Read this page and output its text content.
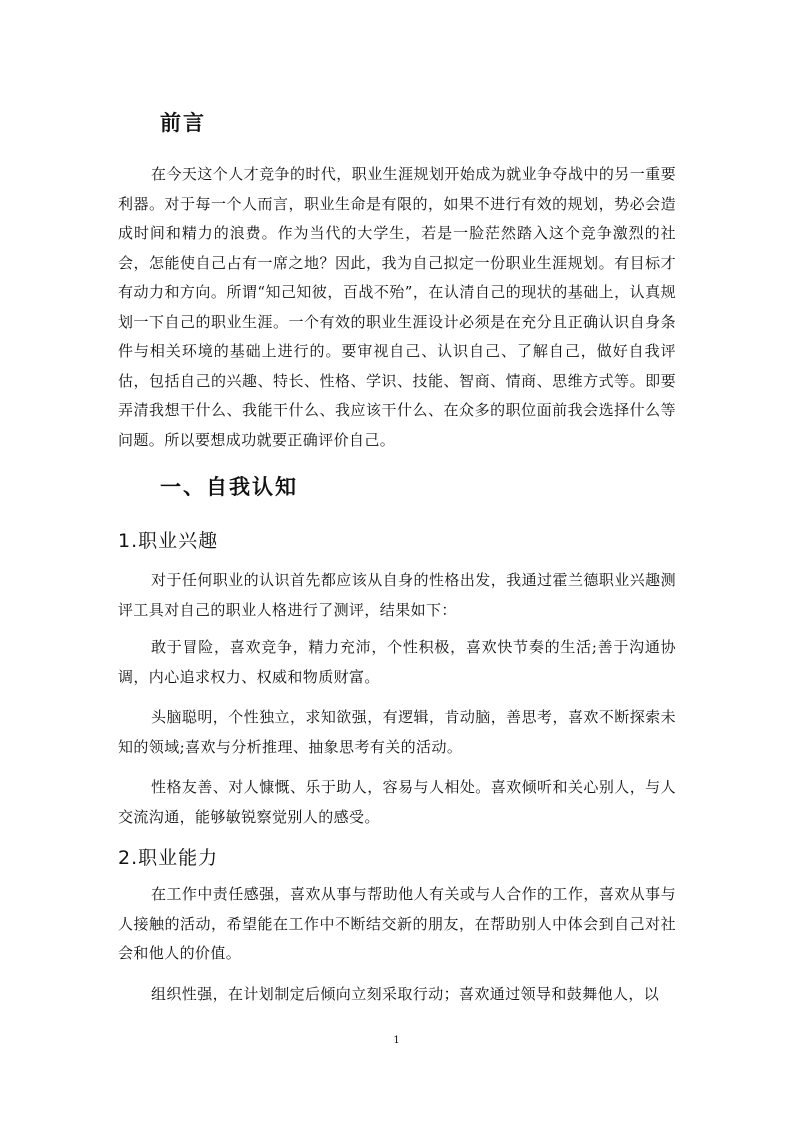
前言

在今天这个人才竞争的时代，职业生涯规划开始成为就业争夺战中的另一重要利器。对于每一个人而言，职业生命是有限的，如果不进行有效的规划，势必会造成时间和精力的浪费。作为当代的大学生，若是一脸茫然踏入这个竞争激烈的社会，怎能使自己占有一席之地？因此，我为自己拟定一份职业生涯规划。有目标才有动力和方向。所谓“知己知彼，百战不殆”，在认清自己的现状的基础上，认真规划一下自己的职业生涯。一个有效的职业生涯设计必须是在充分且正确认识自身条件与相关环境的基础上进行的。要审视自己、认识自己、了解自己，做好自我评估，包括自己的兴趣、特长、性格、学识、技能、智商、情商、思维方式等。即要弄清我想干什么、我能干什么、我应该干什么、在众多的职位面前我会选择什么等问题。所以要想成功就要正确评价自己。

一、自我认知
1.职业兴趣

对于任何职业的认识首先都应该从自身的性格出发，我通过霍兰德职业兴趣测评工具对自己的职业人格进行了测评，结果如下：

敢于冒险，喜欢竞争，精力充沛，个性积极，喜欢快节奏的生活;善于沟通协调，内心追求权力、权威和物质财富。

头脑聪明，个性独立，求知欲强，有逻辑，肯动脑，善思考，喜欢不断探索未知的领域;喜欢与分析推理、抽象思考有关的活动。

性格友善、对人慷慨、乐于助人，容易与人相处。喜欢倾听和关心别人，与人交流沟通，能够敏锐察觉别人的感受。

2.职业能力

在工作中责任感强，喜欢从事与帮助他人有关或与人合作的工作，喜欢从事与人接触的活动，希望能在工作中不断结交新的朋友，在帮助别人中体会到自己对社会和他人的价值。

组织性强，在计划制定后倾向立刻采取行动；喜欢通过领导和鼓舞他人，以

1
